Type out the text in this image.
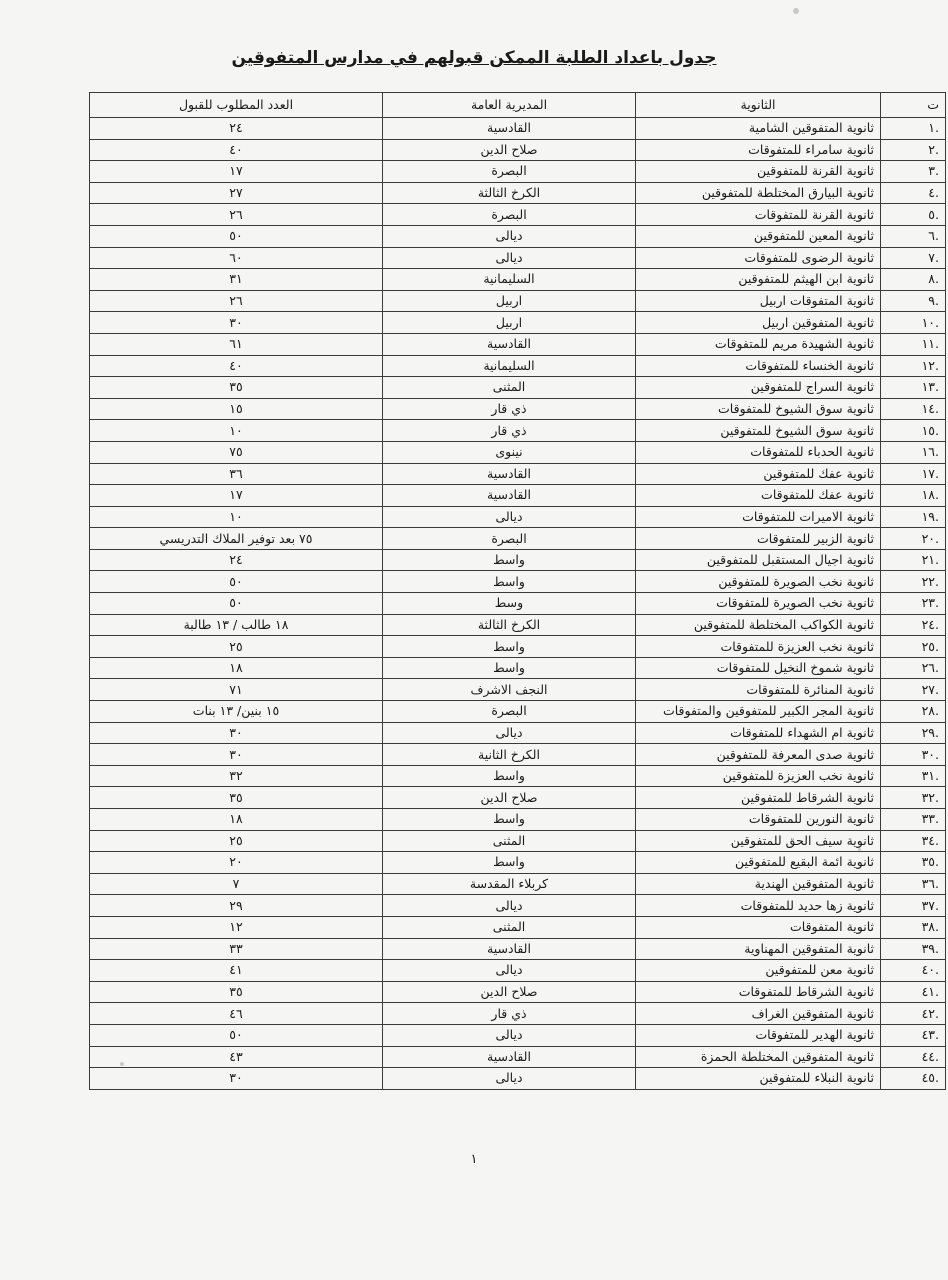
جدول باعداد الطلبة الممكن قبولهم في مدارس المتفوقين
ت	الثانوية	المديرية العامة	العدد المطلوب للقبول
.١	ثانوية المتفوقين الشامية	القادسية	٢٤
.٢	ثانوية سامراء للمتفوقات	صلاح الدين	٤٠
.٣	ثانوية القرنة للمتفوقين	البصرة	١٧
.٤	ثانوية البيارق المختلطة للمتفوقين	الكرخ الثالثة	٢٧
.٥	ثانوية القرنة للمتفوقات	البصرة	٢٦
.٦	ثانوية المعين للمتفوقين	ديالى	٥٠
.٧	ثانوية الرضوى للمتفوقات	ديالى	٦٠
.٨	ثانوية ابن الهيثم للمتفوقين	السليمانية	٣١
.٩	ثانوية المتفوقات اربيل	اربيل	٢٦
.١٠	ثانوية المتفوقين اربيل	اربيل	٣٠
.١١	ثانوية الشهيدة مريم للمتفوقات	القادسية	٦١
.١٢	ثانوية الخنساء للمتفوقات	السليمانية	٤٠
.١٣	ثانوية السراج للمتفوقين	المثنى	٣٥
.١٤	ثانوية سوق الشيوخ للمتفوقات	ذي قار	١٥
.١٥	ثانوية سوق الشيوخ للمتفوقين	ذي قار	١٠
.١٦	ثانوية الحدباء للمتفوقات	نينوى	٧٥
.١٧	ثانوية عفك للمتفوقين	القادسية	٣٦
.١٨	ثانوية عفك للمتفوقات	القادسية	١٧
.١٩	ثانوية الاميرات للمتفوقات	ديالى	١٠
.٢٠	ثانوية الزبير للمتفوقات	البصرة	٧٥ بعد توفير الملاك التدريسي
.٢١	ثانوية اجيال المستقبل للمتفوقين	واسط	٢٤
.٢٢	ثانوية نخب الصويرة للمتفوقين	واسط	٥٠
.٢٣	ثانوية نخب الصويرة للمتفوقات	وسط	٥٠
.٢٤	ثانوية الكواكب المختلطة للمتفوقين	الكرخ الثالثة	١٨ طالب / ١٣ طالبة
.٢٥	ثانوية نخب العزيزة للمتفوقات	واسط	٢٥
.٢٦	ثانوية شموخ النخيل للمتفوقات	واسط	١٨
.٢٧	ثانوية المنائرة للمتفوقات	النجف الاشرف	٧١
.٢٨	ثانوية المجر الكبير للمتفوقين والمتفوقات	البصرة	١٥ بنين/ ١٣ بنات
.٢٩	ثانوية ام الشهداء للمتفوقات	ديالى	٣٠
.٣٠	ثانوية صدى المعرفة للمتفوقين	الكرخ الثانية	٣٠
.٣١	ثانوية نخب العزيزة للمتفوقين	واسط	٣٢
.٣٢	ثانوية الشرقاط للمتفوقين	صلاح الدين	٣٥
.٣٣	ثانوية النورين للمتفوقات	واسط	١٨
.٣٤	ثانوية سيف الحق للمتفوقين	المثنى	٢٥
.٣٥	ثانوية ائمة البقيع للمتفوقين	واسط	٢٠
.٣٦	ثانوية المتفوقين الهندية	كربلاء المقدسة	٧
.٣٧	ثانوية زها حديد للمتفوقات	ديالى	٢٩
.٣٨	ثانوية المتفوقات	المثنى	١٢
.٣٩	ثانوية المتفوقين المهناوية	القادسية	٣٣
.٤٠	ثانوية معن للمتفوقين	ديالى	٤١
.٤١	ثانوية الشرقاط للمتفوقات	صلاح الدين	٣٥
.٤٢	ثانوية المتفوقين الغراف	ذي قار	٤٦
.٤٣	ثانوية الهدير للمتفوقات	ديالى	٥٠
.٤٤	ثانوية المتفوقين المختلطة الحمزة	القادسية	٤٣
.٤٥	ثانوية النبلاء للمتفوقين	ديالى	٣٠
١
